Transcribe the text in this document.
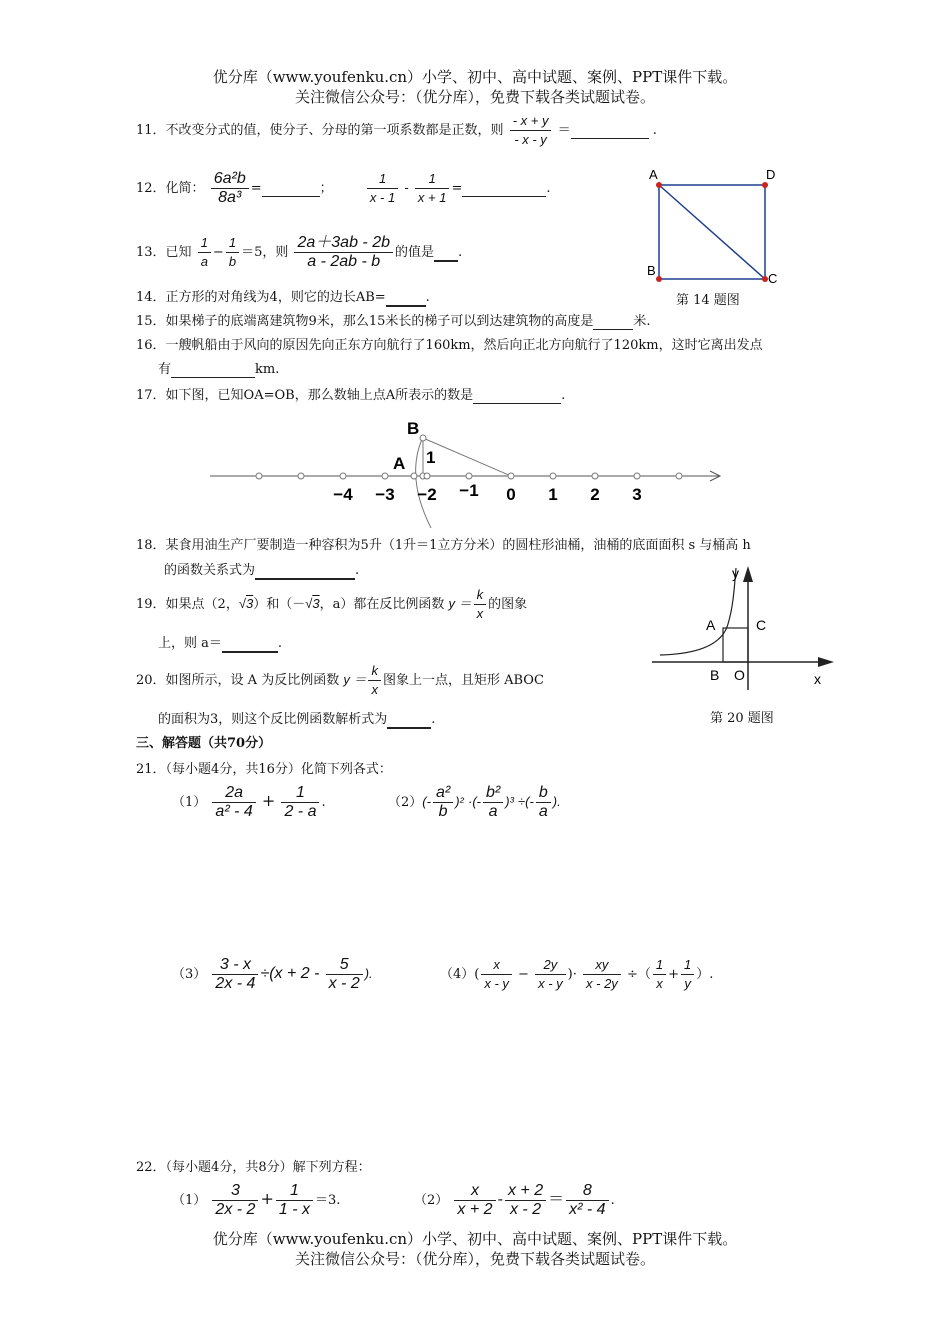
优分库（www.youfenku.cn）小学、初中、高中试题、案例、PPT课件下载。
关注微信公众号：（优分库），免费下载各类试题试卷。
11．不改变分式的值，使分子、分母的第一项系数都是正数，则 $\frac{- x + y}{- x - y}$ ＝	.
12．化简： $\frac{\text{6a²b}}{\text{8a³}}$ =	；	$\frac{1}{x - 1} - \frac{1}{x + 1}$ =	.
13．已知 $\frac{1}{a} - \frac{1}{b} =5$，则 $\frac{2a+3ab - 2b}{a - 2ab - b}$ 的值是 .
14．正方形的对角线为4，则它的边长AB=	.
15．如果梯子的底端离建筑物9米，那么15米长的梯子可以到达建筑物的高度是	米.
16．一艘帆船由于风向的原因先向正东方向航行了160km，然后向正北方向航行了120km，这时它离出发点
有	km.
17．如下图，已知OA=OB，那么数轴上点A所表示的数是	.
A	D
B
C
第 14 题图
B
A 1
−4 −3 −2 −1 0 1 2 3
18．某食用油生产厂要制造一种容积为5升（1升＝1立方分米）的圆柱形油桶，油桶的底面面积 s 与桶高 h
的函数关系式为	.
19．如果点（2，√3）和（－√3，a）都在反比例函数 $y = \frac{k}{x}$ 的图象
上，则 a＝	.
20．如图所示，设 A 为反比例函数 $y = \frac{k}{x}$ 图象上一点，且矩形 ABOC
的面积为3，则这个反比例函数解析式为	.
y
x
A	C
B O
第 20 题图
三、解答题（共70分）
21．（每小题4分，共16分）化简下列各式：
$(1) \frac{2a}{\text{a² - 4}} + \frac{1}{2 - a}$ .	$(2)(- \frac{\text{a²}}{b} )^2$ ·(- $\frac{\text{b²}}{a} )^3$ ÷(- $\frac{b}{a}$ ).
$(3) \frac{3 - x}{2x - 4} \div(x + 2 - \frac{5}{x - 2}$ ).	$(4)( \frac{x}{x - y} - \frac{2y}{x - y}$ )· $\frac{xy}{x - 2y}$ ÷（ $\frac{1}{x} + \frac{1}{y}$ ）.
22．（每小题4分，共8分）解下列方程：
$(1) \frac{3}{2x - 2} + \frac{1}{1 - x} =3$.	$(2) \frac{x}{x + 2} - \frac{x + 2}{x - 2} = \frac{8}{\text{x² - 4}}$ .
优分库（www.youfenku.cn）小学、初中、高中试题、案例、PPT课件下载。
关注微信公众号：（优分库），免费下载各类试题试卷。
